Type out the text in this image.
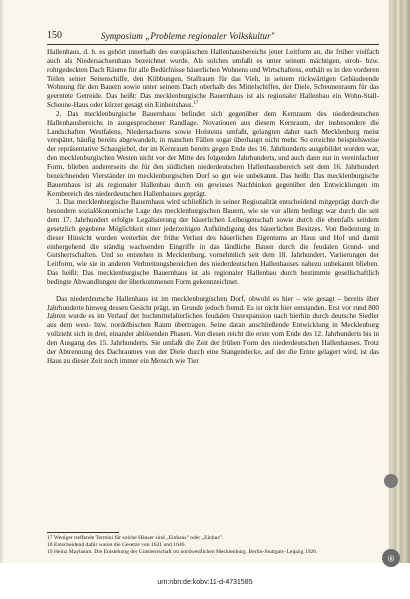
150	Symposium „Probleme regionaler Volkskultur"

Hallenhaus, d. h. es gehört innerhalb des europäischen Hallenhausbereichs jener Leitform an, die früher vielfach auch als Niedersachsenhaus bezeichnet wurde. Als solches umfaßt es unter seinem mächtigen, stroh- bzw. rohrgedeckten Dach Räume für alle Bedürfnisse bäuerlichen Wohnens und Wirtschaftens, enthält es in den vorderen Teilen seiner Seitenschiffe, den Kübbungen, Stallraum für das Vieh, in seinem rückwärtigen Gebäudeende Wohnung für den Bauern sowie unter seinem Dach oberhalb des Mittelschiffes, der Diele, Scheunenraum für das geerntete Getreide. Das heißt: Das mecklenburgische Bauernhaus ist als regionaler Hallenbau ein Wohn-Stall-Scheune-Haus oder kürzer gesagt ein Einheitshaus.$^{17}$

2. Das mecklenburgische Bauernhaus befindet sich gegenüber dem Kernraum des niederdeutschen Hallenhausbereichs in ausgesprochener Randlage. Novationen aus diesem Kernraum, der insbesondere die Landschaften Westfalens, Niedersachsens sowie Holsteins umfaßt, gelangten daher nach Mecklenburg meist verspätet, häufig bereits abgewandelt, in manchen Fällen sogar überhaupt nicht mehr. So erreichte beispielsweise der repräsentative Schaugiebel, der im Kernraum bereits gegen Ende des 16. Jahrhunderts ausgebildet worden war, den mecklenburgischen Westen nicht vor der Mitte des folgenden Jahrhunderts, und auch dann nur in vereinfachter Form, blieben andererseits die für den südlichen niederdeutschen Hallenhausbereich seit dem 16. Jahrhundert bezeichnenden Vierständer im mecklenburgischen Dorf so gut wie unbekannt. Das heißt: Das mecklenburgische Bauernhaus ist als regionaler Hallenbau durch ein gewisses Nachhinken gegenüber den Entwicklungen im Kernbereich des niederdeutschen Hallenhauses geprägt.

3. Das mecklenburgische Bauernhaus wird schließlich in seiner Regionalität entscheidend mitgeprägt durch die besondere sozialökonomische Lage des mecklenburgischen Bauern, wie sie vor allem bedingt war durch die seit dem 17. Jahrhundert erfolgte Legalisierung der bäuerlichen Leibeigenschaft sowie durch die ebenfalls seitdem gesetzlich gegebene Möglichkeit einer jederzeitigen Aufkündigung des bäuerlichen Besitzes. Von Bedeutung in dieser Hinsicht wurden weiterhin der frühe Verlust des bäuerlichen Eigentums an Haus und Hof und damit einhergehend die ständig wachsenden Eingriffe in das ländliche Bauen durch die feudalen Grund- und Gutsherrschaften. Und so entstehen in Mecklenburg, vornehmlich seit dem 18. Jahrhundert, Variierungen der Leitform, wie sie in anderen Verbreitungsbereichen des niederdeutschen Hallenhauses nahezu unbekannt blieben. Das heißt: Das mecklenburgische Bauernhaus ist als regionaler Hallenbau durch bestimmte gesellschaftlich bedingte Abwandlungen der überkommenen Form gekennzeichnet.

Das niederdeutsche Hallenhaus ist im mecklenburgischen Dorf, obwohl es hier – wie gesagt – bereits über Jahrhunderte hinweg dessen Gesicht prägt, im Grunde jedoch fremd. Es ist nicht hier entstanden. Erst vor rund 800 Jahren wurde es im Verlauf der hochmittelalterlichen feudalen Ostexpansion nach hierhin durch deutsche Siedler aus dem west- bzw. nordelbischen Raum übertragen. Seine daran anschließende Entwicklung in Mecklenburg vollzieht sich in drei, einander ablösenden Phasen. Von diesen reicht die erste vom Ende des 12. Jahrhunderts bis in den Ausgang des 15. Jahrhunderts. Sie umfaßt die Zeit der frühen Form des niederdeutschen Hallenhauses. Trotz der Abtrennung des Dachraumes von der Diele durch eine Stangendecke, auf der die Ernte gelagert wird, ist das Haus zu dieser Zeit noch immer ein Mensch wie Tier

17 Weniger treffende Termini für solche Häuser sind „Einbaus" oder „Einhus".
18 Entscheidend dafür waren die Gesetze von 1621 und 1646.
19 Heinz Maybaum. Die Entstehung der Gutsherrschaft im nordwestlichen Mecklenburg. Berlin-Stuttgart–Leipzig 1926.
Ⓢ
urn:nbn:de:kobv:11-d-4731585
